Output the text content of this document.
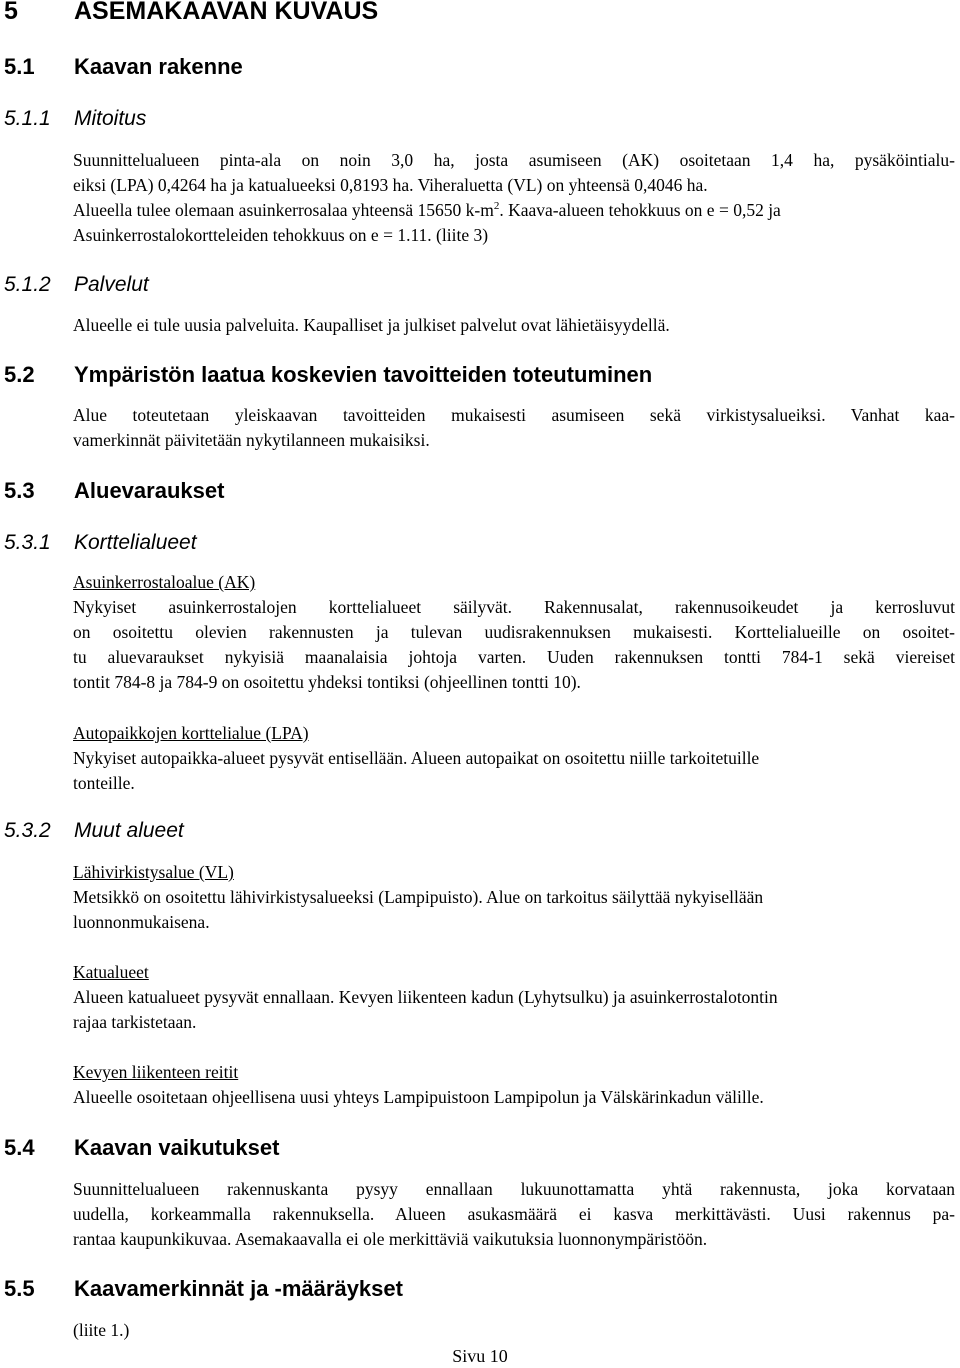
5 ASEMAKAAVAN KUVAUS
5.1 Kaavan rakenne
5.1.1 Mitoitus
Suunnittelualueen pinta-ala on noin 3,0 ha, josta asumiseen (AK) osoitetaan 1,4 ha, pysäköintialu-
eiksi (LPA) 0,4264 ha ja katualueeksi 0,8193 ha. Viheraluetta (VL) on yhteensä 0,4046 ha.
Alueella tulee olemaan asuinkerrosalaa yhteensä 15650 $k-m^2$. Kaava-alueen tehokkuus on e = 0,52 ja
Asuinkerrostalokortteleiden tehokkuus on e = 1.11. (liite 3)
5.1.2 Palvelut
Alueelle ei tule uusia palveluita. Kaupalliset ja julkiset palvelut ovat lähietäisyydellä.
5.2 Ympäristön laatua koskevien tavoitteiden toteutuminen
Alue toteutetaan yleiskaavan tavoitteiden mukaisesti asumiseen sekä virkistysalueiksi. Vanhat kaa-
vamerkinnät päivitetään nykytilanneen mukaisiksi.
5.3 Aluevaraukset
5.3.1 Korttelialueet
Asuinkerrostaloalue (AK)
Nykyiset asuinkerrostalojen korttelialueet säilyvät. Rakennusalat, rakennusoikeudet ja kerrosluvut
on osoitettu olevien rakennusten ja tulevan uudisrakennuksen mukaisesti. Korttelialueille on osoitet-
tu aluevaraukset nykyisiä maanalaisia johtoja varten. Uuden rakennuksen tontti 784-1 sekä viereiset
tontit 784-8 ja 784-9 on osoitettu yhdeksi tontiksi (ohjeellinen tontti 10).
Autopaikkojen korttelialue (LPA)
Nykyiset autopaikka-alueet pysyvät entisellään. Alueen autopaikat on osoitettu niille tarkoitetuille
tonteille.
5.3.2 Muut alueet
Lähivirkistysalue (VL)
Metsikkö on osoitettu lähivirkistysalueeksi (Lampipuisto). Alue on tarkoitus säilyttää nykyisellään
luonnonmukaisena.
Katualueet
Alueen katualueet pysyvät ennallaan. Kevyen liikenteen kadun (Lyhytsulku) ja asuinkerrostalotontin
rajaa tarkistetaan.
Kevyen liikenteen reitit
Alueelle osoitetaan ohjeellisena uusi yhteys Lampipuistoon Lampipolun ja Välskärinkadun välille.
5.4 Kaavan vaikutukset
Suunnittelualueen rakennuskanta pysyy ennallaan lukuunottamatta yhtä rakennusta, joka korvataan
uudella, korkeammalla rakennuksella. Alueen asukasmäärä ei kasva merkittävästi. Uusi rakennus pa-
rantaa kaupunkikuvaa. Asemakaavalla ei ole merkittäviä vaikutuksia luonnonympäristöön.
5.5 Kaavamerkinnät ja -määräykset
(liite 1.)
Sivu 10
